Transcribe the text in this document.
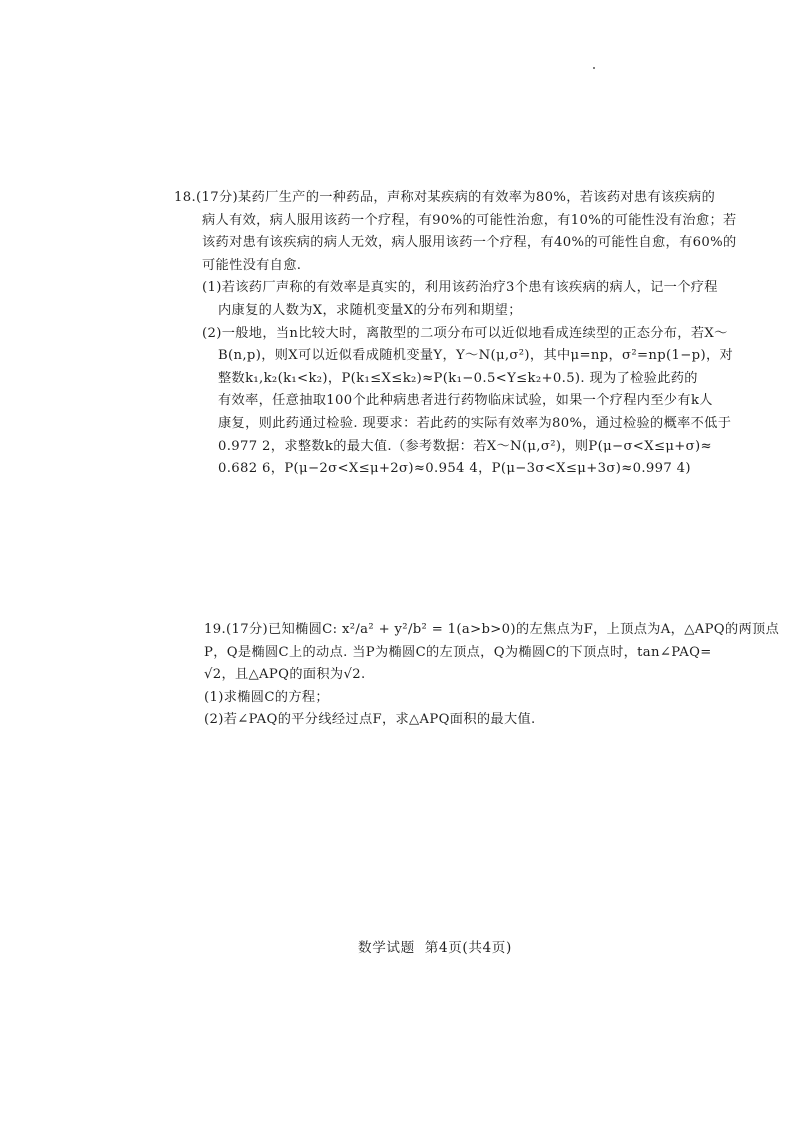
18.(17分)某药厂生产的一种药品，声称对某疾病的有效率为80%，若该药对患有该疾病的
病人有效，病人服用该药一个疗程，有90%的可能性治愈，有10%的可能性没有治愈；若
该药对患有该疾病的病人无效，病人服用该药一个疗程，有40%的可能性自愈，有60%的
可能性没有自愈.
(1)若该药厂声称的有效率是真实的，利用该药治疗3个患有该疾病的病人，记一个疗程
内康复的人数为X，求随机变量X的分布列和期望；
(2)一般地，当n比较大时，离散型的二项分布可以近似地看成连续型的正态分布，若X～
B(n,p)，则X可以近似看成随机变量Y，Y～N(μ,σ²)，其中μ=np，σ²=np(1−p)，对
整数k₁,k₂(k₁<k₂)，P(k₁≤X≤k₂)≈P(k₁−0.5<Y≤k₂+0.5). 现为了检验此药的
有效率，任意抽取100个此种病患者进行药物临床试验，如果一个疗程内至少有k人
康复，则此药通过检验. 现要求：若此药的实际有效率为80%，通过检验的概率不低于
0.977 2，求整数k的最大值.（参考数据：若X～N(μ,σ²)，则P(μ−σ<X≤μ+σ)≈
0.682 6，P(μ−2σ<X≤μ+2σ)≈0.954 4，P(μ−3σ<X≤μ+3σ)≈0.997 4)
19.(17分)已知椭圆C: x²/a² + y²/b² = 1(a>b>0)的左焦点为F，上顶点为A，△APQ的两顶点
P，Q是椭圆C上的动点. 当P为椭圆C的左顶点，Q为椭圆C的下顶点时，tan∠PAQ=
√2，且△APQ的面积为√2.
(1)求椭圆C的方程；
(2)若∠PAQ的平分线经过点F，求△APQ面积的最大值.
数学试题 第4页(共4页)
